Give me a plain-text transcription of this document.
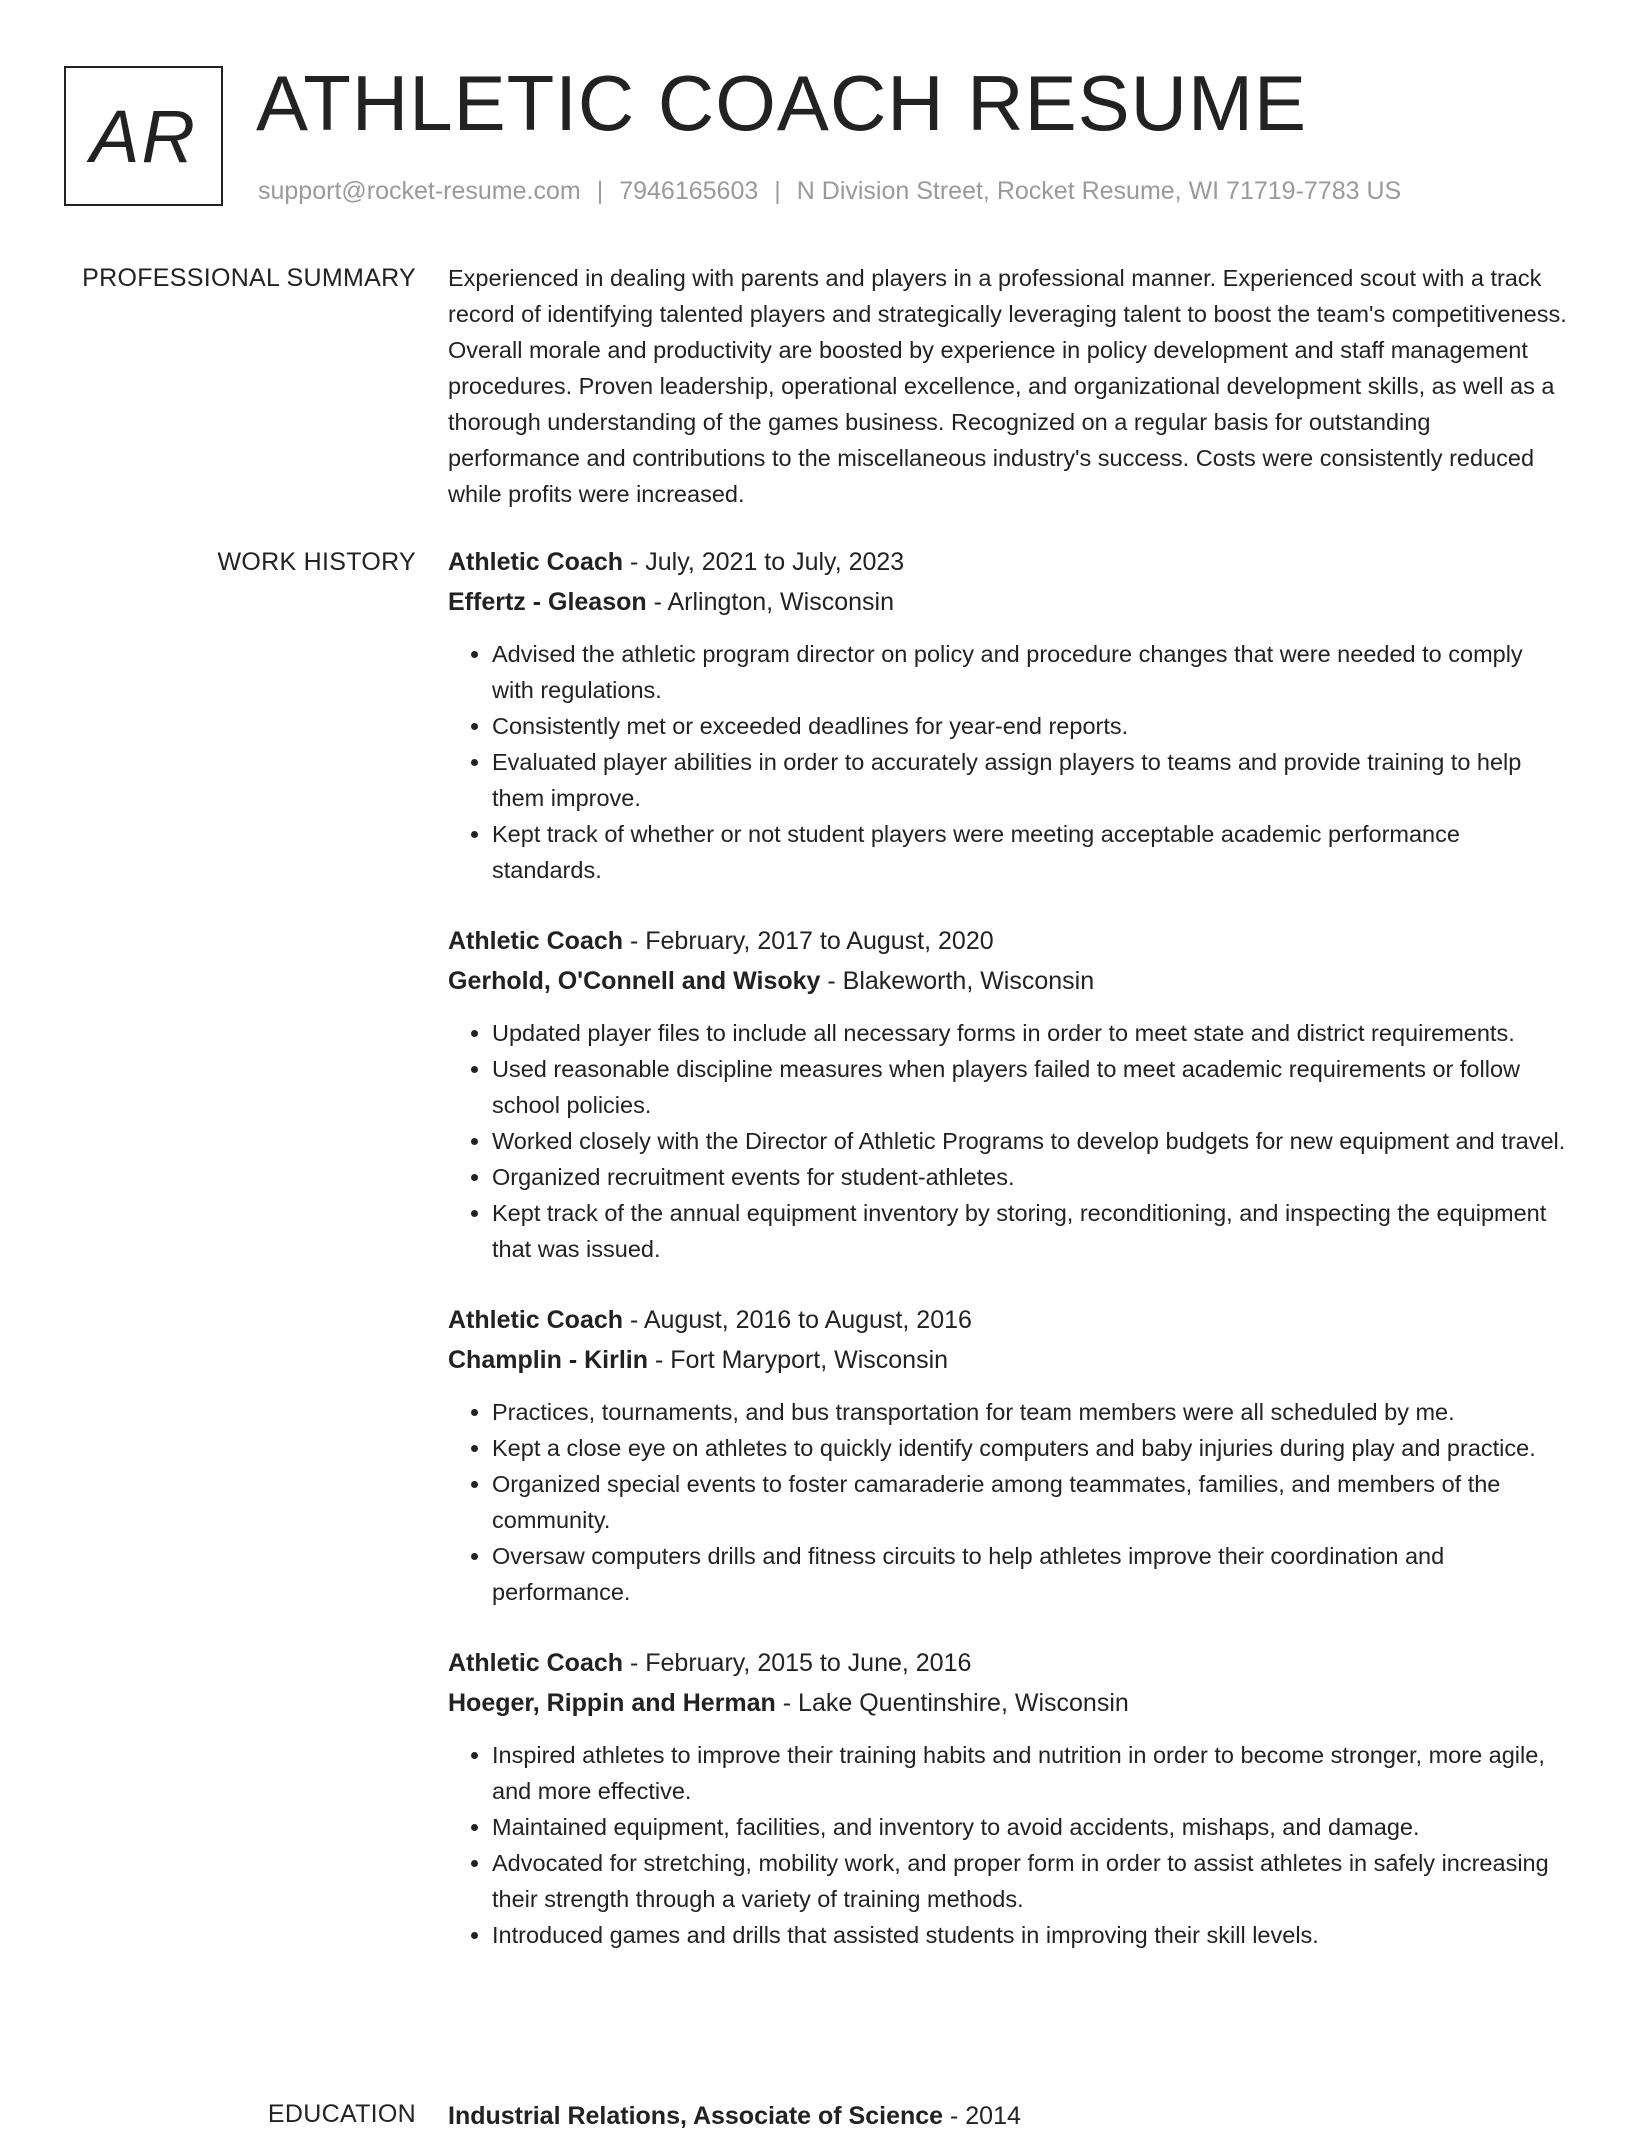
AR ATHLETIC COACH RESUME
support@rocket-resume.com | 7946165603 | N Division Street, Rocket Resume, WI 71719-7783 US
PROFESSIONAL SUMMARY Experienced in dealing with parents and players in a professional manner. Experienced scout with a track record of identifying talented players and strategically leveraging talent to boost the team's competitiveness. Overall morale and productivity are boosted by experience in policy development and staff management procedures. Proven leadership, operational excellence, and organizational development skills, as well as a thorough understanding of the games business. Recognized on a regular basis for outstanding performance and contributions to the miscellaneous industry's success. Costs were consistently reduced while profits were increased.

WORK HISTORY Athletic Coach - July, 2021 to July, 2023
Effertz - Gleason - Arlington, Wisconsin
• Advised the athletic program director on policy and procedure changes that were needed to comply with regulations.
• Consistently met or exceeded deadlines for year-end reports.
• Evaluated player abilities in order to accurately assign players to teams and provide training to help them improve.
• Kept track of whether or not student players were meeting acceptable academic performance standards.
Athletic Coach - February, 2017 to August, 2020
Gerhold, O'Connell and Wisoky - Blakeworth, Wisconsin
• Updated player files to include all necessary forms in order to meet state and district requirements.
• Used reasonable discipline measures when players failed to meet academic requirements or follow school policies.
• Worked closely with the Director of Athletic Programs to develop budgets for new equipment and travel.
• Organized recruitment events for student-athletes.
• Kept track of the annual equipment inventory by storing, reconditioning, and inspecting the equipment that was issued.
Athletic Coach - August, 2016 to August, 2016
Champlin - Kirlin - Fort Maryport, Wisconsin
• Practices, tournaments, and bus transportation for team members were all scheduled by me.
• Kept a close eye on athletes to quickly identify computers and baby injuries during play and practice.
• Organized special events to foster camaraderie among teammates, families, and members of the community.
• Oversaw computers drills and fitness circuits to help athletes improve their coordination and performance.
Athletic Coach - February, 2015 to June, 2016
Hoeger, Rippin and Herman - Lake Quentinshire, Wisconsin
• Inspired athletes to improve their training habits and nutrition in order to become stronger, more agile, and more effective.
• Maintained equipment, facilities, and inventory to avoid accidents, mishaps, and damage.
• Advocated for stretching, mobility work, and proper form in order to assist athletes in safely increasing their strength through a variety of training methods.
• Introduced games and drills that assisted students in improving their skill levels.
EDUCATION Industrial Relations, Associate of Science - 2014
